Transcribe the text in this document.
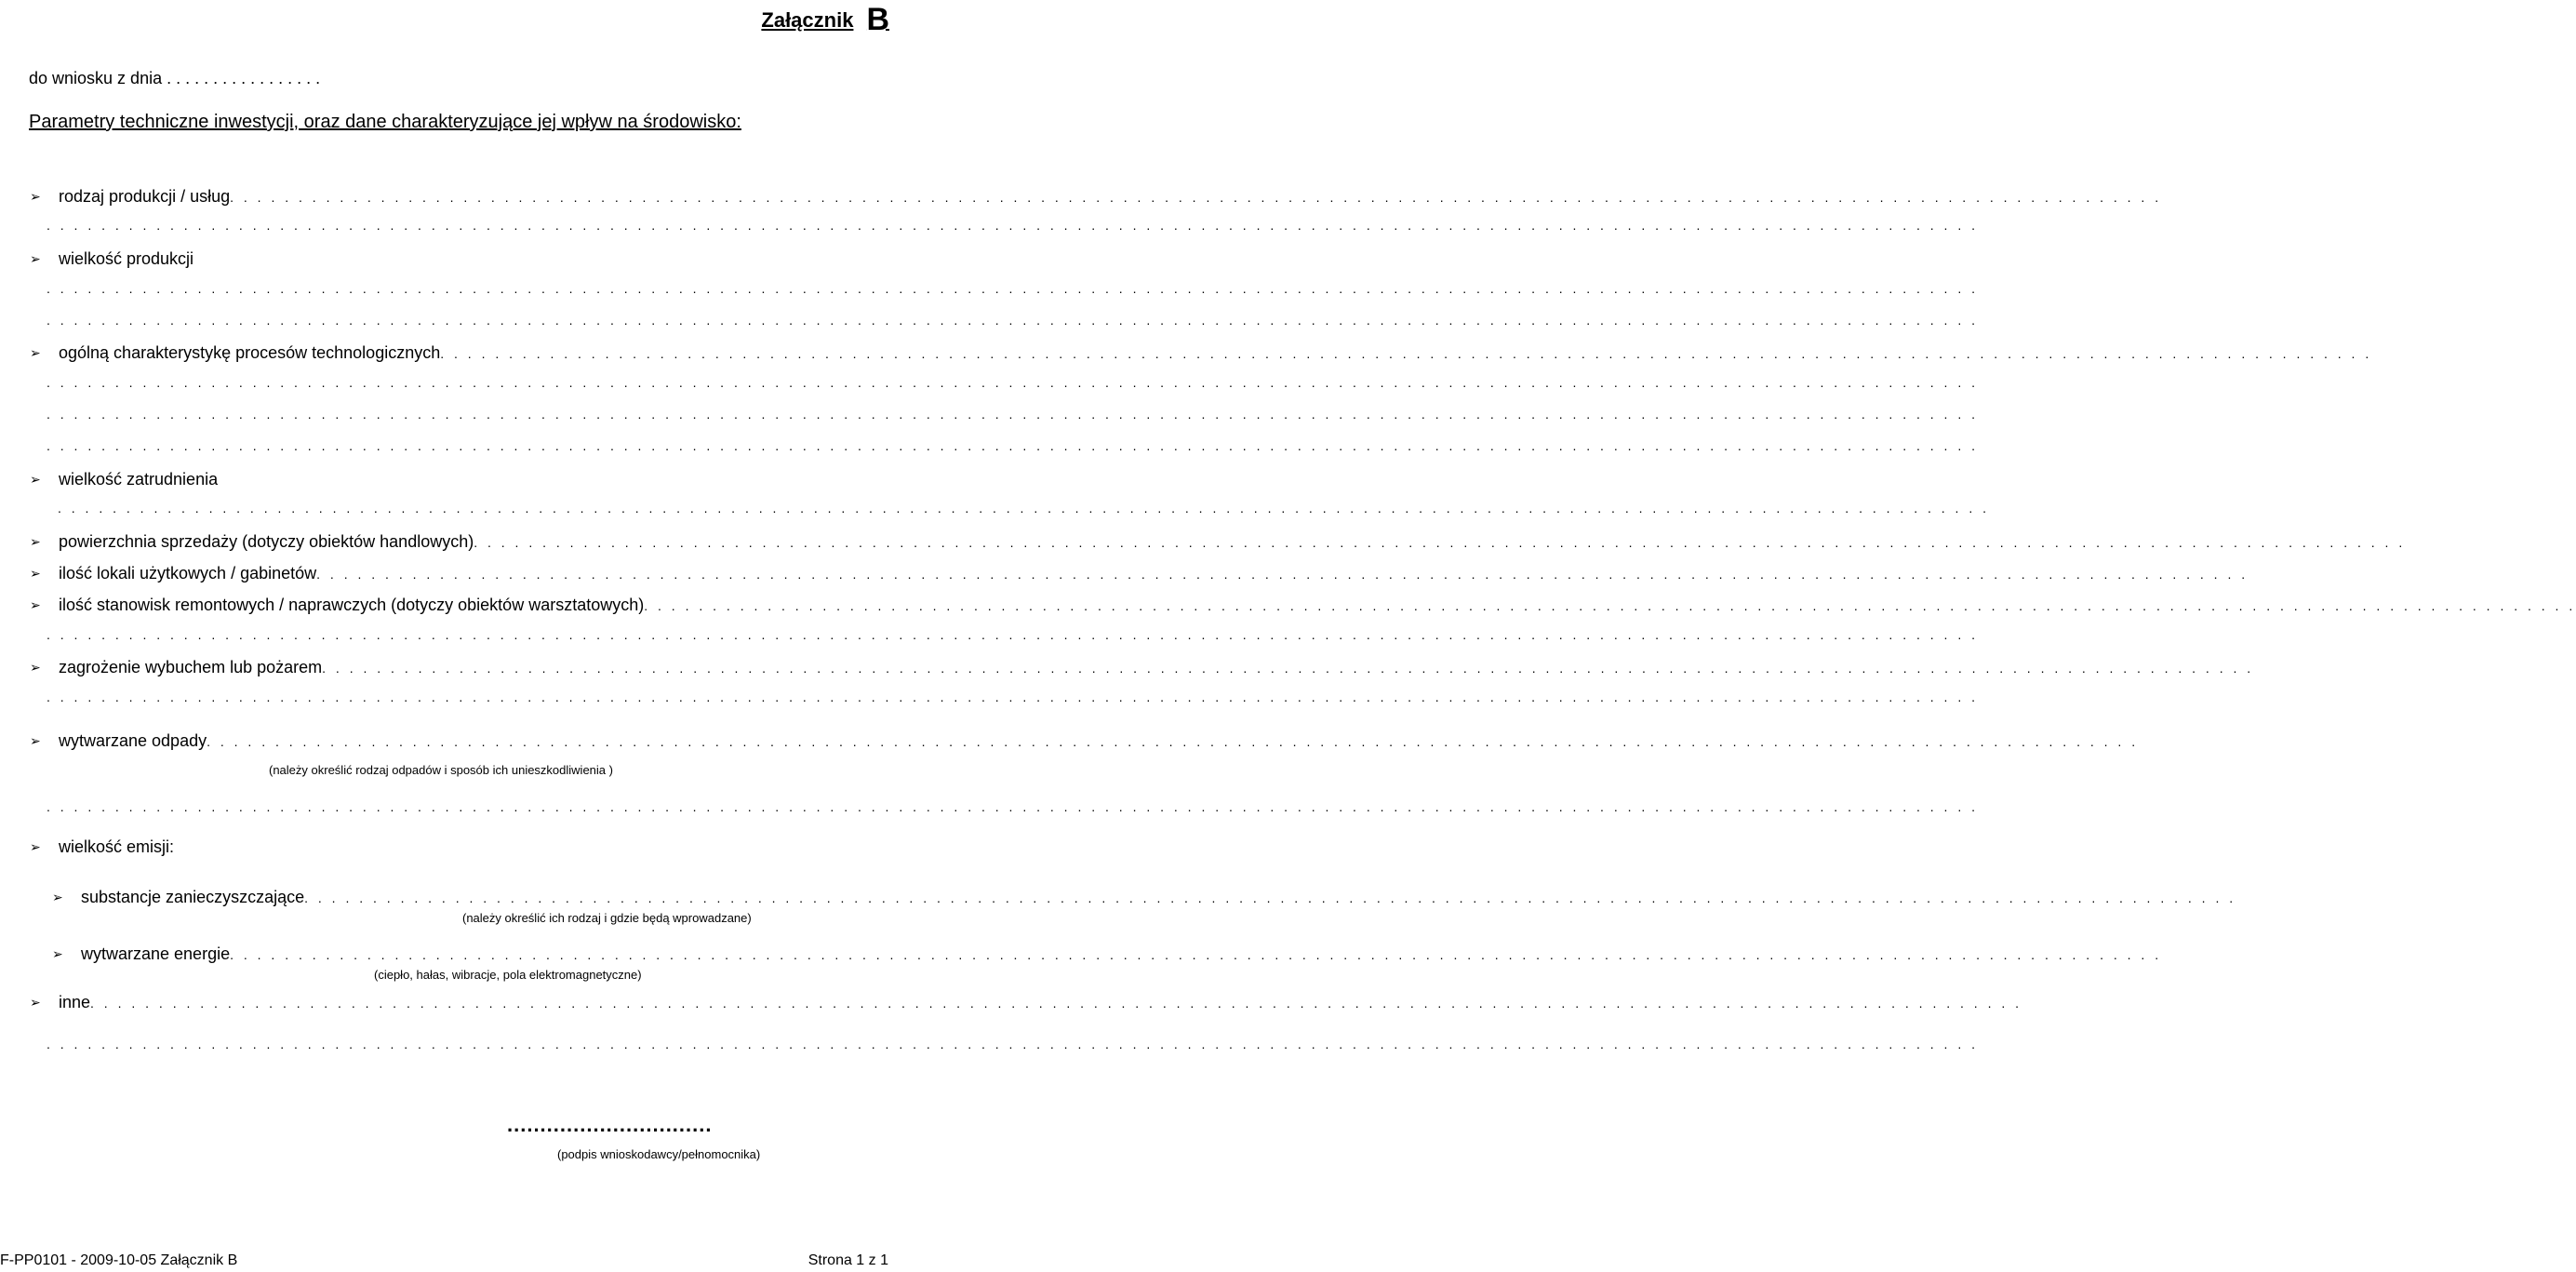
Załącznik B
do wniosku z dnia . . . . . . . . . . . . . . . . .
Parametry techniczne inwestycji, oraz dane charakteryzujące jej wpływ na środowisko:
➢	rodzaj produkcji / usług . . . . . . . . . . . . . . . . . . . . . . . . . . . . . . . . . . . . . . . . . . . . . . . . . . . . . . . . . . . . . . . . . . . . . . . . . . . . . . . . . . . . . . . . . . . . . . . . . . . . . . . . . . . . . . . . . . . . . . . . . . . . . . . . . . . . . . . . . . . . .
. . . . . . . . . . . . . . . . . . . . . . . . . . . . . . . . . . . . . . . . . . . . . . . . . . . . . . . . . . . . . . . . . . . . . . . . . . . . . . . . . . . . . . . . . . . . . . . . . . . . . . . . . . . . . . . . . . . . . . . . . . . . . . . . . . . . . . . . . . . . .
➢	wielkość produkcji
. . . . . . . . . . . . . . . . . . . . . . . . . . . . . . . . . . . . . . . . . . . . . . . . . . . . . . . . . . . . . . . . . . . . . . . . . . . . . . . . . . . . . . . . . . . . . . . . . . . . . . . . . . . . . . . . . . . . . . . . . . . . . . . . . . . . . . . . . . . . .
. . . . . . . . . . . . . . . . . . . . . . . . . . . . . . . . . . . . . . . . . . . . . . . . . . . . . . . . . . . . . . . . . . . . . . . . . . . . . . . . . . . . . . . . . . . . . . . . . . . . . . . . . . . . . . . . . . . . . . . . . . . . . . . . . . . . . . . . . . . . .
➢	ogólną charakterystykę procesów technologicznych . . . . . . . . . . . . . . . . . . . . . . . . . . . . . . . . . . . . . . . . . . . . . . . . . . . . . . . . . . . . . . . . . . . . . . . . . . . . . . . . . . . . . . . . . . . . . . . . . . . . . . . . . . . . . . . . . . . . . . . . . . . . . . . . . . . . . . . . . . . . .
. . . . . . . . . . . . . . . . . . . . . . . . . . . . . . . . . . . . . . . . . . . . . . . . . . . . . . . . . . . . . . . . . . . . . . . . . . . . . . . . . . . . . . . . . . . . . . . . . . . . . . . . . . . . . . . . . . . . . . . . . . . . . . . . . . . . . . . . . . . . .
. . . . . . . . . . . . . . . . . . . . . . . . . . . . . . . . . . . . . . . . . . . . . . . . . . . . . . . . . . . . . . . . . . . . . . . . . . . . . . . . . . . . . . . . . . . . . . . . . . . . . . . . . . . . . . . . . . . . . . . . . . . . . . . . . . . . . . . . . . . . .
. . . . . . . . . . . . . . . . . . . . . . . . . . . . . . . . . . . . . . . . . . . . . . . . . . . . . . . . . . . . . . . . . . . . . . . . . . . . . . . . . . . . . . . . . . . . . . . . . . . . . . . . . . . . . . . . . . . . . . . . . . . . . . . . . . . . . . . . . . . . .
➢	wielkość zatrudnienia
. . . . . . . . . . . . . . . . . . . . . . . . . . . . . . . . . . . . . . . . . . . . . . . . . . . . . . . . . . . . . . . . . . . . . . . . . . . . . . . . . . . . . . . . . . . . . . . . . . . . . . . . . . . . . . . . . . . . . . . . . . . . . . . . . . . . . . . . . . . . .
➢	powierzchnia sprzedaży (dotyczy obiektów handlowych) . . . . . . . . . . . . . . . . . . . . . . . . . . . . . . . . . . . . . . . . . . . . . . . . . . . . . . . . . . . . . . . . . . . . . . . . . . . . . . . . . . . . . . . . . . . . . . . . . . . . . . . . . . . . . . . . . . . . . . . . . . . . . . . . . . . . . . . . . . . . .
➢	ilość lokali użytkowych / gabinetów . . . . . . . . . . . . . . . . . . . . . . . . . . . . . . . . . . . . . . . . . . . . . . . . . . . . . . . . . . . . . . . . . . . . . . . . . . . . . . . . . . . . . . . . . . . . . . . . . . . . . . . . . . . . . . . . . . . . . . . . . . . . . . . . . . . . . . . . . . . . .
➢	ilość stanowisk remontowych / naprawczych (dotyczy obiektów warsztatowych) . . . . . . . . . . . . . . . . . . . . . . . . . . . . . . . . . . . . . . . . . . . . . . . . . . . . . . . . . . . . . . . . . . . . . . . . . . . . . . . . . . . . . . . . . . . . . . . . . . . . . . . . . . . . . . . . . . . . . . . . . . . . . . . . . . . . . . . . . . . . .
. . . . . . . . . . . . . . . . . . . . . . . . . . . . . . . . . . . . . . . . . . . . . . . . . . . . . . . . . . . . . . . . . . . . . . . . . . . . . . . . . . . . . . . . . . . . . . . . . . . . . . . . . . . . . . . . . . . . . . . . . . . . . . . . . . . . . . . . . . . . .
➢	zagrożenie wybuchem lub pożarem . . . . . . . . . . . . . . . . . . . . . . . . . . . . . . . . . . . . . . . . . . . . . . . . . . . . . . . . . . . . . . . . . . . . . . . . . . . . . . . . . . . . . . . . . . . . . . . . . . . . . . . . . . . . . . . . . . . . . . . . . . . . . . . . . . . . . . . . . . . . .
. . . . . . . . . . . . . . . . . . . . . . . . . . . . . . . . . . . . . . . . . . . . . . . . . . . . . . . . . . . . . . . . . . . . . . . . . . . . . . . . . . . . . . . . . . . . . . . . . . . . . . . . . . . . . . . . . . . . . . . . . . . . . . . . . . . . . . . . . . . . .
➢	wytwarzane odpady . . . . . . . . . . . . . . . . . . . . . . . . . . . . . . . . . . . . . . . . . . . . . . . . . . . . . . . . . . . . . . . . . . . . . . . . . . . . . . . . . . . . . . . . . . . . . . . . . . . . . . . . . . . . . . . . . . . . . . . . . . . . . . . . . . . . . . . . . . . . .
(należy określić rodzaj odpadów i sposób ich unieszkodliwienia )
. . . . . . . . . . . . . . . . . . . . . . . . . . . . . . . . . . . . . . . . . . . . . . . . . . . . . . . . . . . . . . . . . . . . . . . . . . . . . . . . . . . . . . . . . . . . . . . . . . . . . . . . . . . . . . . . . . . . . . . . . . . . . . . . . . . . . . . . . . . . .
➢	wielkość emisji:
➢	substancje zanieczyszczające . . . . . . . . . . . . . . . . . . . . . . . . . . . . . . . . . . . . . . . . . . . . . . . . . . . . . . . . . . . . . . . . . . . . . . . . . . . . . . . . . . . . . . . . . . . . . . . . . . . . . . . . . . . . . . . . . . . . . . . . . . . . . . . . . . . . . . . . . . . . .
(należy określić ich rodzaj i gdzie będą wprowadzane)
➢	wytwarzane energie . . . . . . . . . . . . . . . . . . . . . . . . . . . . . . . . . . . . . . . . . . . . . . . . . . . . . . . . . . . . . . . . . . . . . . . . . . . . . . . . . . . . . . . . . . . . . . . . . . . . . . . . . . . . . . . . . . . . . . . . . . . . . . . . . . . . . . . . . . . . .
(ciepło, hałas, wibracje, pola elektromagnetyczne)
➢	inne . . . . . . . . . . . . . . . . . . . . . . . . . . . . . . . . . . . . . . . . . . . . . . . . . . . . . . . . . . . . . . . . . . . . . . . . . . . . . . . . . . . . . . . . . . . . . . . . . . . . . . . . . . . . . . . . . . . . . . . . . . . . . . . . . . . . . . . . . . . . .
. . . . . . . . . . . . . . . . . . . . . . . . . . . . . . . . . . . . . . . . . . . . . . . . . . . . . . . . . . . . . . . . . . . . . . . . . . . . . . . . . . . . . . . . . . . . . . . . . . . . . . . . . . . . . . . . . . . . . . . . . . . . . . . . . . . . . . . . . . . . .
...............................
(podpis wnioskodawcy/pełnomocnika)
F-PP0101 - 2009-10-05 Załącznik B	Strona 1 z 1
